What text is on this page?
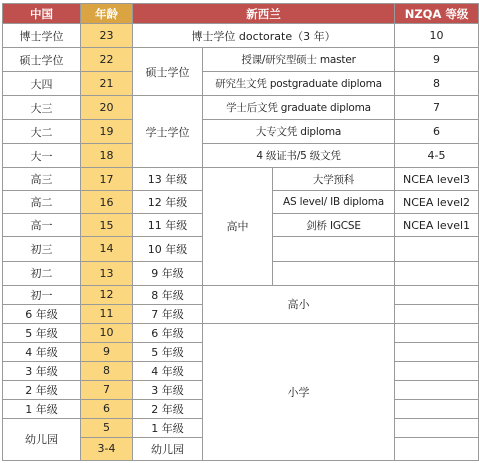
中国	年龄	新西兰			NZQA 等级
博士学位	23	博士学位 doctorate（3 年）			10
硕士学位	22	硕士学位	授课/研究型硕士 master		9
大四	21		研究生文凭 postgraduate diploma		8
大三	20	学士学位	学士后文凭 graduate diploma		7
大二	19		大专文凭 diploma		6
大一	18		4 级证书/5 级文凭		4-5
高三	17	13 年级	高中	大学预科	NCEA level3
高二	16	12 年级		AS level/ IB diploma	NCEA level2
高一	15	11 年级		剑桥 IGCSE	NCEA level1
初三	14	10 年级			
初二	13	9 年级			
初一	12	8 年级	高小		
6 年级	11	7 年级			
5 年级	10	6 年级	小学		
4 年级	9	5 年级			
3 年级	8	4 年级			
2 年级	7	3 年级			
1 年级	6	2 年级			
幼儿园	5	1 年级			
	3-4	幼儿园			
